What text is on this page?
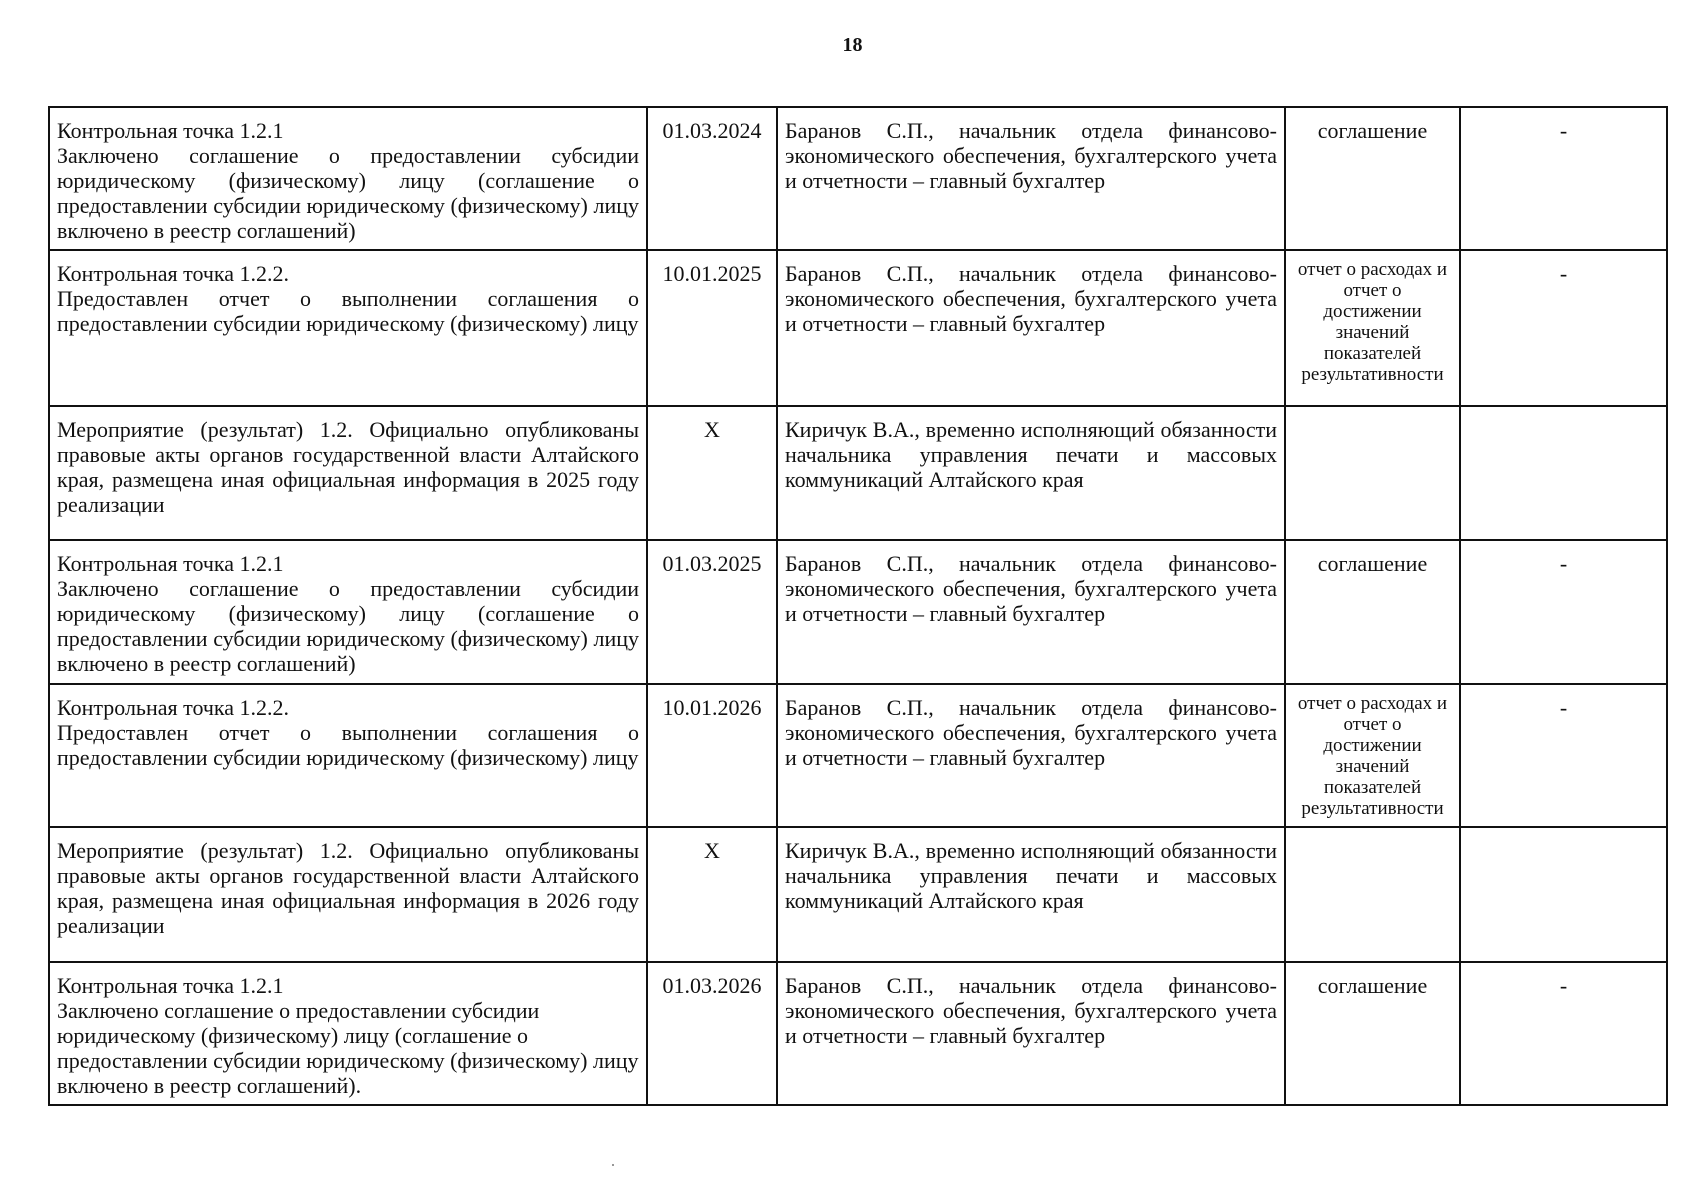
18
Контрольная точка 1.2.1
Заключено соглашение о предоставлении субсидии юридическому (физическому) лицу (соглашение о предоставлении субсидии юридическому (физическому) лицу включено в реестр соглашений)	01.03.2024	Баранов С.П., начальник отдела финансово-экономического обеспечения, бухгалтерского учета и отчетности – главный бухгалтер	соглашение	-

Контрольная точка 1.2.2.
Предоставлен отчет о выполнении соглашения о предоставлении субсидии юридическому (физическому) лицу	10.01.2025	Баранов С.П., начальник отдела финансово-экономического обеспечения, бухгалтерского учета и отчетности – главный бухгалтер	отчет о расходах и отчет о достижении значений показателей результативности	-
Мероприятие (результат) 1.2. Официально опубликованы правовые акты органов государственной власти Алтайского края, размещена иная официальная информация в 2025 году реализации	Х	Киричук В.А., временно исполняющий обязанности начальника управления печати и массовых коммуникаций Алтайского края		

Контрольная точка 1.2.1
Заключено соглашение о предоставлении субсидии юридическому (физическому) лицу (соглашение о предоставлении субсидии юридическому (физическому) лицу включено в реестр соглашений)	01.03.2025	Баранов С.П., начальник отдела финансово-экономического обеспечения, бухгалтерского учета и отчетности – главный бухгалтер	соглашение	-

Контрольная точка 1.2.2.
Предоставлен отчет о выполнении соглашения о предоставлении субсидии юридическому (физическому) лицу	10.01.2026	Баранов С.П., начальник отдела финансово-экономического обеспечения, бухгалтерского учета и отчетности – главный бухгалтер	отчет о расходах и отчет о достижении значений показателей результативности	-
Мероприятие (результат) 1.2. Официально опубликованы правовые акты органов государственной власти Алтайского края, размещена иная официальная информация в 2026 году реализации	Х	Киричук В.А., временно исполняющий обязанности начальника управления печати и массовых коммуникаций Алтайского края		

Контрольная точка 1.2.1
Заключено соглашение о предоставлении субсидии юридическому (физическому) лицу (соглашение о предоставлении субсидии юридическому (физическому) лицу включено в реестр соглашений).	01.03.2026	Баранов С.П., начальник отдела финансово-экономического обеспечения, бухгалтерского учета и отчетности – главный бухгалтер	соглашение	-
